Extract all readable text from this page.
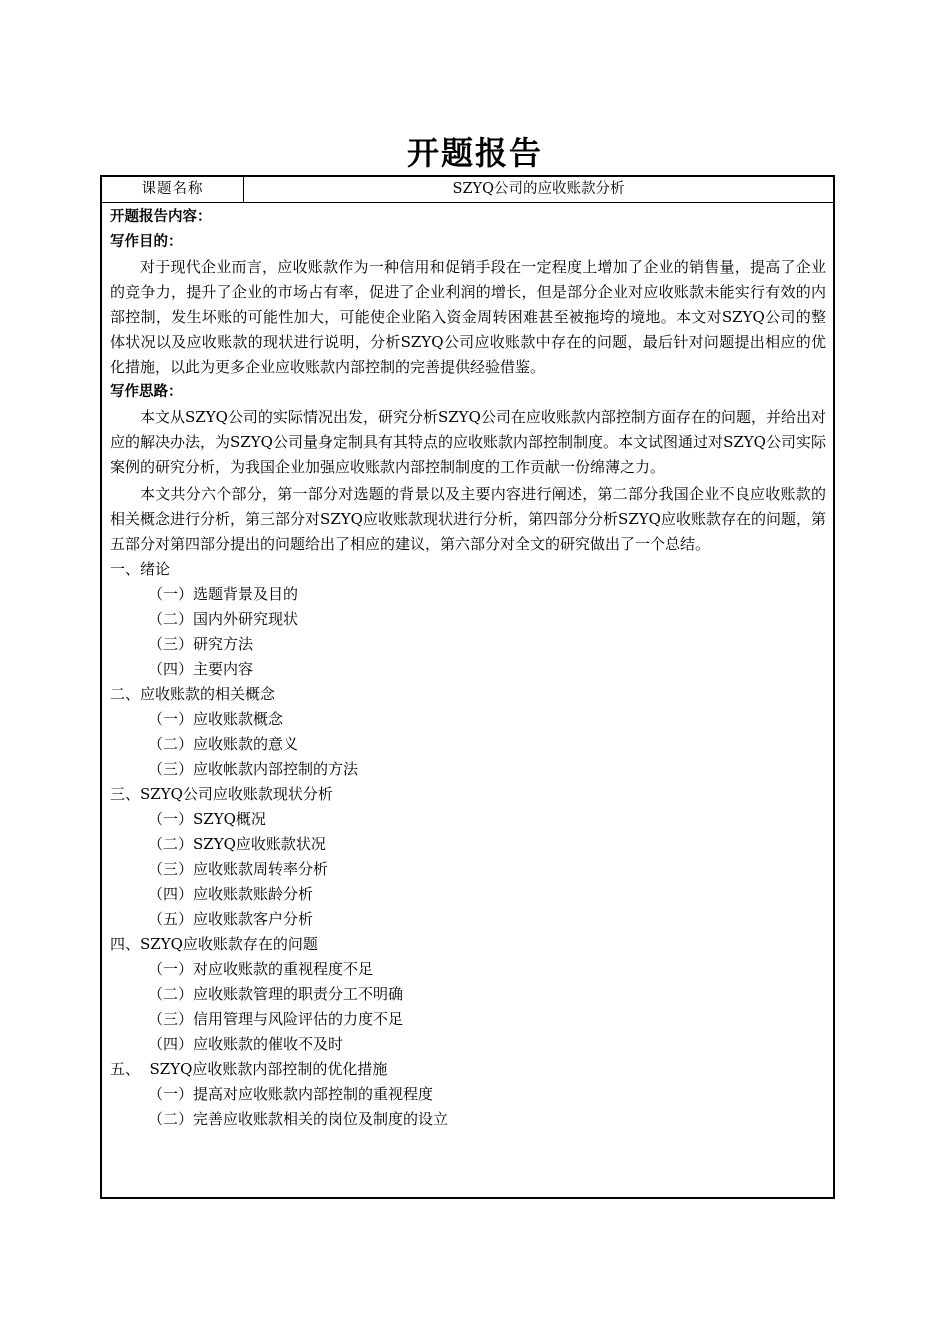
开题报告
课题名称	SZYQ公司的应收账款分析
开题报告内容：
写作目的：

对于现代企业而言，应收账款作为一种信用和促销手段在一定程度上增加了企业的销售量，提高了企业的竞争力，提升了企业的市场占有率，促进了企业利润的增长，但是部分企业对应收账款未能实行有效的内部控制，发生坏账的可能性加大，可能使企业陷入资金周转困难甚至被拖垮的境地。本文对SZYQ公司的整体状况以及应收账款的现状进行说明，分析SZYQ公司应收账款中存在的问题，最后针对问题提出相应的优化措施，以此为更多企业应收账款内部控制的完善提供经验借鉴。

写作思路：

本文从SZYQ公司的实际情况出发，研究分析SZYQ公司在应收账款内部控制方面存在的问题，并给出对应的解决办法，为SZYQ公司量身定制具有其特点的应收账款内部控制制度。本文试图通过对SZYQ公司实际案例的研究分析，为我国企业加强应收账款内部控制制度的工作贡献一份绵薄之力。

本文共分六个部分，第一部分对选题的背景以及主要内容进行阐述，第二部分我国企业不良应收账款的相关概念进行分析，第三部分对SZYQ应收账款现状进行分析，第四部分分析SZYQ应收账款存在的问题，第五部分对第四部分提出的问题给出了相应的建议，第六部分对全文的研究做出了一个总结。

一、绪论
（一）选题背景及目的
（二）国内外研究现状
（三）研究方法
（四）主要内容
二、应收账款的相关概念
（一）应收账款概念
（二）应收账款的意义
（三）应收帐款内部控制的方法
三、SZYQ公司应收账款现状分析
（一）SZYQ概况
（二）SZYQ应收账款状况
（三）应收账款周转率分析
（四）应收账款账龄分析
（五）应收账款客户分析
四、SZYQ应收账款存在的问题
（一）对应收账款的重视程度不足
（二）应收账款管理的职责分工不明确
（三）信用管理与风险评估的力度不足
（四）应收账款的催收不及时
五、  SZYQ应收账款内部控制的优化措施
（一）提高对应收账款内部控制的重视程度
（二）完善应收账款相关的岗位及制度的设立
